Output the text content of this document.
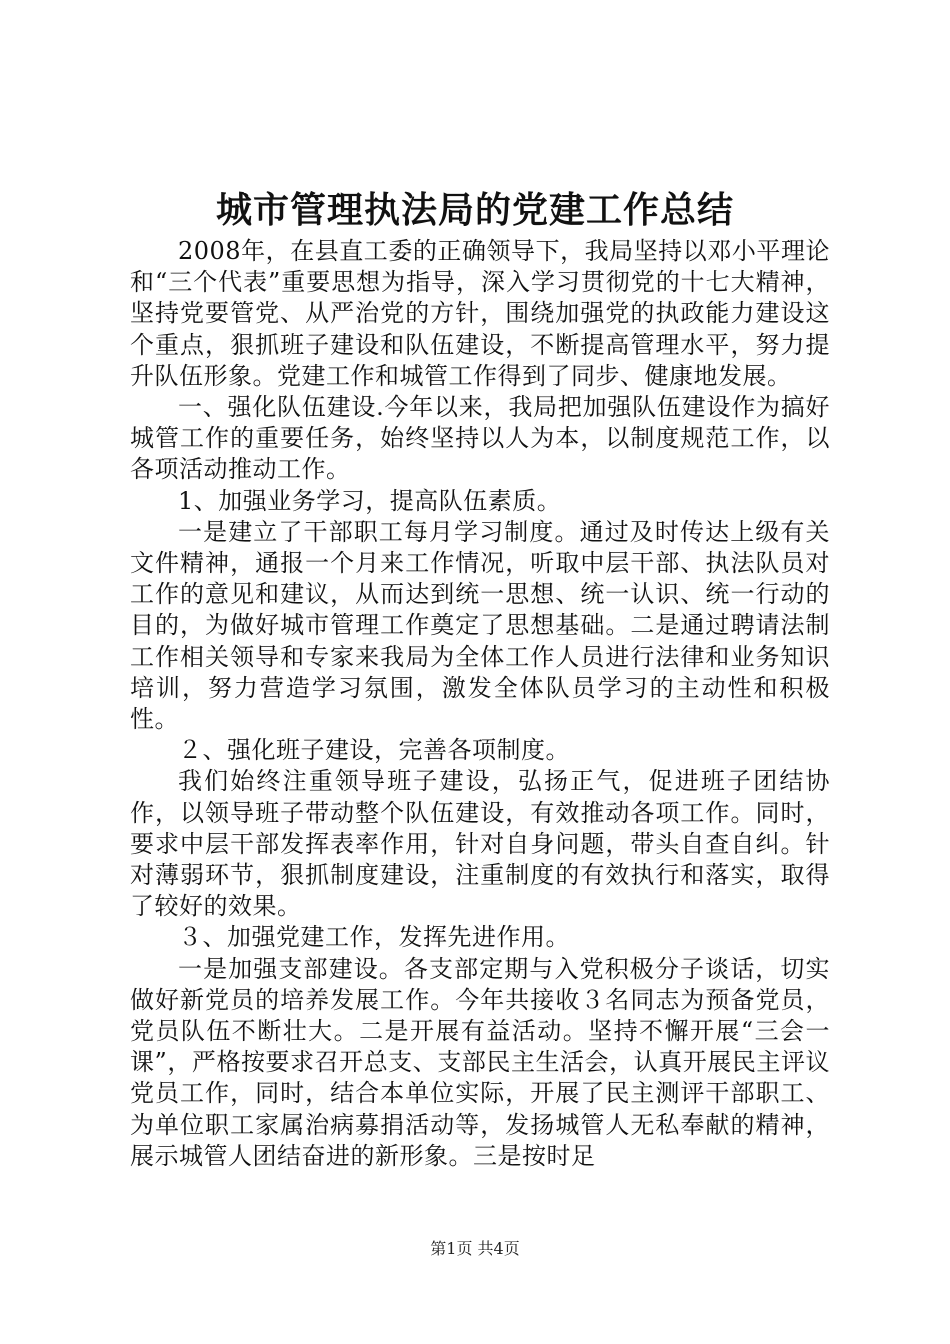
城市管理执法局的党建工作总结

2008年，在县直工委的正确领导下，我局坚持以邓小平理论和“三个代表”重要思想为指导，深入学习贯彻党的十七大精神，坚持党要管党、从严治党的方针，围绕加强党的执政能力建设这个重点，狠抓班子建设和队伍建设，不断提高管理水平，努力提升队伍形象。党建工作和城管工作得到了同步、健康地发展。

一、强化队伍建设.今年以来，我局把加强队伍建设作为搞好城管工作的重要任务，始终坚持以人为本，以制度规范工作，以各项活动推动工作。

1、加强业务学习，提高队伍素质。

一是建立了干部职工每月学习制度。通过及时传达上级有关文件精神，通报一个月来工作情况，听取中层干部、执法队员对工作的意见和建议，从而达到统一思想、统一认识、统一行动的目的，为做好城市管理工作奠定了思想基础。二是通过聘请法制工作相关领导和专家来我局为全体工作人员进行法律和业务知识培训，努力营造学习氛围，激发全体队员学习的主动性和积极性。

２、强化班子建设，完善各项制度。

我们始终注重领导班子建设，弘扬正气，促进班子团结协作，以领导班子带动整个队伍建设，有效推动各项工作。同时，要求中层干部发挥表率作用，针对自身问题，带头自查自纠。针对薄弱环节，狠抓制度建设，注重制度的有效执行和落实，取得了较好的效果。

３、加强党建工作，发挥先进作用。

一是加强支部建设。各支部定期与入党积极分子谈话，切实做好新党员的培养发展工作。今年共接收３名同志为预备党员，党员队伍不断壮大。二是开展有益活动。坚持不懈开展“三会一课”，严格按要求召开总支、支部民主生活会，认真开展民主评议党员工作，同时，结合本单位实际，开展了民主测评干部职工、为单位职工家属治病募捐活动等，发扬城管人无私奉献的精神，展示城管人团结奋进的新形象。三是按时足

第1页 共4页
